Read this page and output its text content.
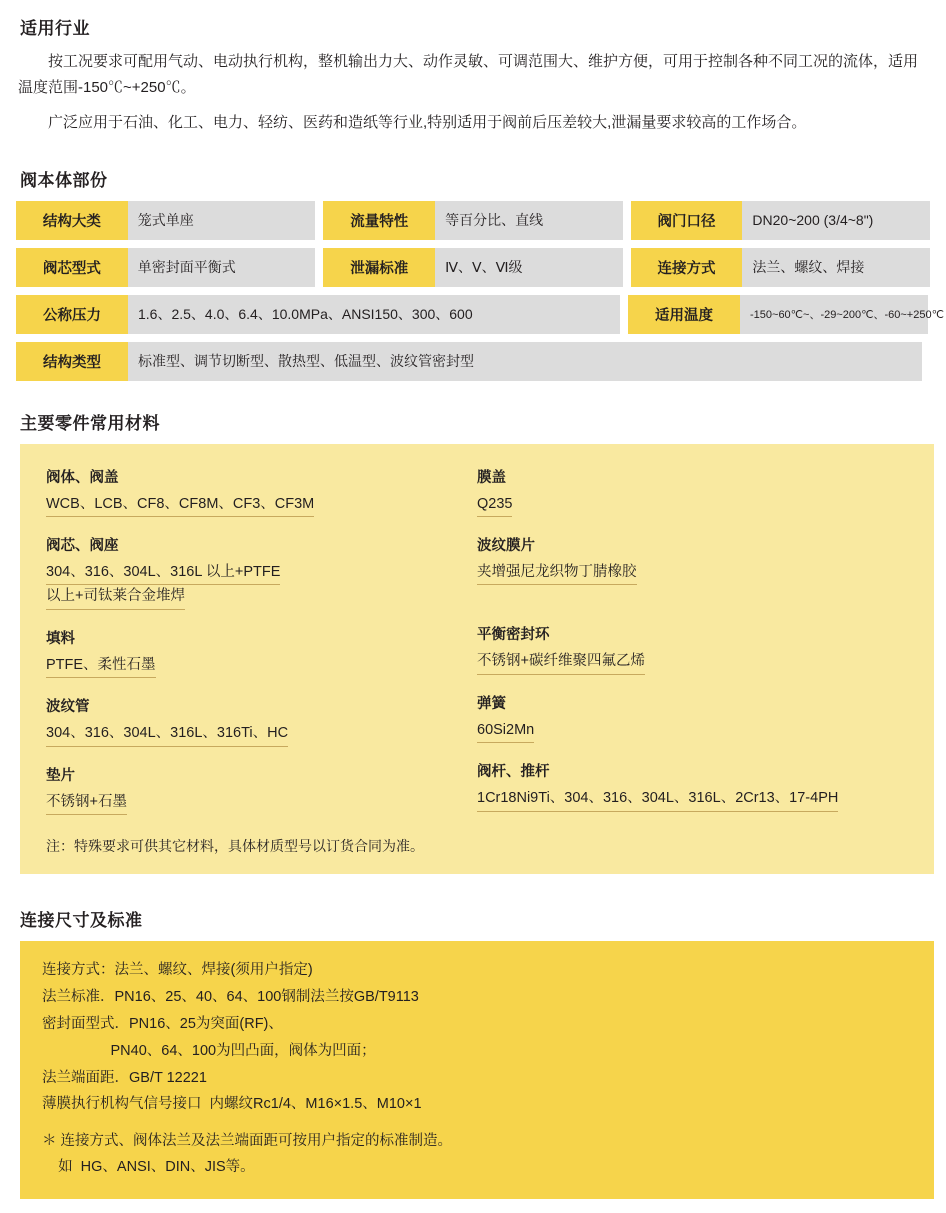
适用行业

按工况要求可配用气动、电动执行机构，整机输出力大、动作灵敏、可调范围大、维护方便，可用于控制各种不同工况的流体，适用温度范围-150℃~+250℃。

广泛应用于石油、化工、电力、轻纺、医药和造纸等行业,特别适用于阀前后压差较大,泄漏量要求较高的工作场合。

阀本体部份
结构大类	笼式单座	流量特性	等百分比、直线	阀门口径	DN20~200 (3/4~8")
阀芯型式	单密封面平衡式	泄漏标准	Ⅳ、Ⅴ、Ⅵ级	连接方式	法兰、螺纹、焊接
公称压力	1.6、2.5、4.0、6.4、10.0MPa、ANSI150、300、600	适用温度	-150~60℃~、-29~200℃、-60~+250℃
结构类型	标准型、调节切断型、散热型、低温型、波纹管密封型
主要零件常用材料
阀体、阀盖
WCB、LCB、CF8、CF8M、CF3、CF3M
阀芯、阀座
304、316、304L、316L 以上+PTFE
以上+司钛莱合金堆焊
填料
PTFE、柔性石墨
波纹管
304、316、304L、316L、316Ti、HC
垫片
不锈钢+石墨
膜盖
Q235
波纹膜片
夹增强尼龙织物丁腈橡胶
平衡密封环
不锈钢+碳纤维聚四氟乙烯
弹簧
60Si2Mn
阀杆、推杆
1Cr18Ni9Ti、304、316、304L、316L、2Cr13、17-4PH
注：特殊要求可供其它材料，具体材质型号以订货合同为准。
连接尺寸及标准
连接方式：法兰、螺纹、焊接(须用户指定)
法兰标准．PN16、25、40、64、100钢制法兰按GB/T9113
密封面型式．PN16、25为突面(RF)、
PN40、64、100为凹凸面，阀体为凹面；
法兰端面距．GB/T 12221
薄膜执行机构气信号接口  内螺纹Rc1/4、M16×1.5、M10×1
＊ 连接方式、阀体法兰及法兰端面距可按用户指定的标准制造。
如  HG、ANSI、DIN、JIS等。
